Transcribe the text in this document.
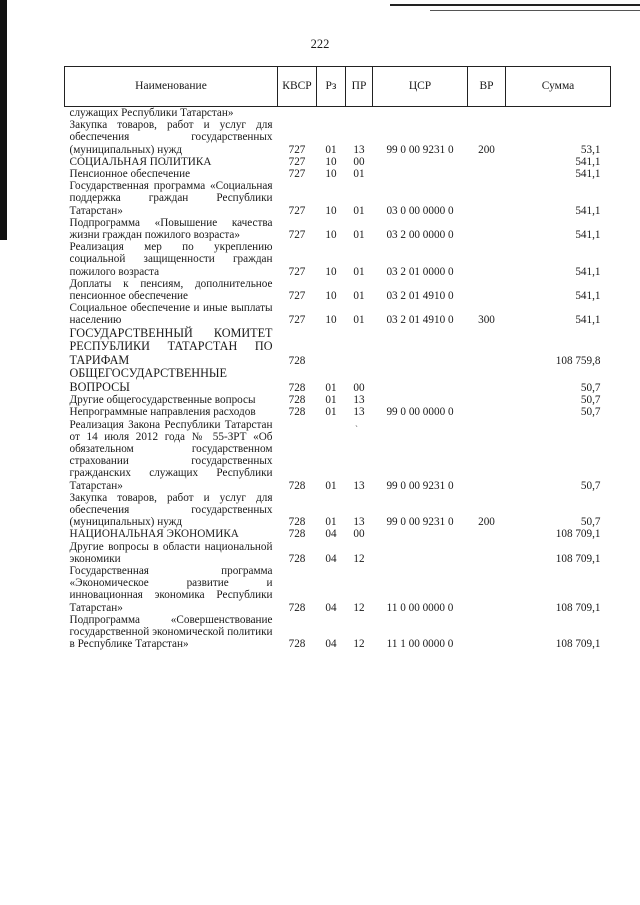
222
Наименование	КВСР	Рз	ПР	ЦСР	ВР	Сумма
служащих Республики Татарстан»						
Закупка товаров, работ и услуг для обеспечения государственных (муниципальных) нужд	727	01	13	99 0 00 9231 0	200	53,1
СОЦИАЛЬНАЯ ПОЛИТИКА	727	10	00			541,1
Пенсионное обеспечение	727	10	01			541,1
Государственная программа «Социальная поддержка граждан Республики Татарстан»	727	10	01	03 0 00 0000 0		541,1
Подпрограмма «Повышение качества жизни граждан пожилого возраста»	727	10	01	03 2 00 0000 0		541,1
Реализация мер по укреплению социальной защищенности граждан пожилого возраста	727	10	01	03 2 01 0000 0		541,1
Доплаты к пенсиям, дополнительное пенсионное обеспечение	727	10	01	03 2 01 4910 0		541,1
Социальное обеспечение и иные выплаты населению	727	10	01	03 2 01 4910 0	300	541,1
ГОСУДАРСТВЕННЫЙ КОМИТЕТ РЕСПУБЛИКИ ТАТАРСТАН ПО ТАРИФАМ	728					108 759,8
ОБЩЕГОСУДАРСТВЕННЫЕ ВОПРОСЫ	728	01	00			50,7
Другие общегосударственные вопросы	728	01	13			50,7
Непрограммные направления расходов	728	01	13	99 0 00 0000 0		50,7
Реализация Закона Республики Татарстан от 14 июля 2012 года № 55-ЗРТ «Об обязательном государственном страховании государственных гражданских служащих Республики Татарстан»	728	01	13	99 0 00 9231 0		50,7
Закупка товаров, работ и услуг для обеспечения государственных (муниципальных) нужд	728	01	13	99 0 00 9231 0	200	50,7
НАЦИОНАЛЬНАЯ ЭКОНОМИКА	728	04	00			108 709,1
Другие вопросы в области национальной экономики	728	04	12			108 709,1
Государственная программа «Экономическое развитие и инновационная экономика Республики Татарстан»	728	04	12	11 0 00 0000 0		108 709,1
Подпрограмма «Совершенствование государственной экономической политики в Республике Татарстан»	728	04	12	11 1 00 0000 0		108 709,1
`
